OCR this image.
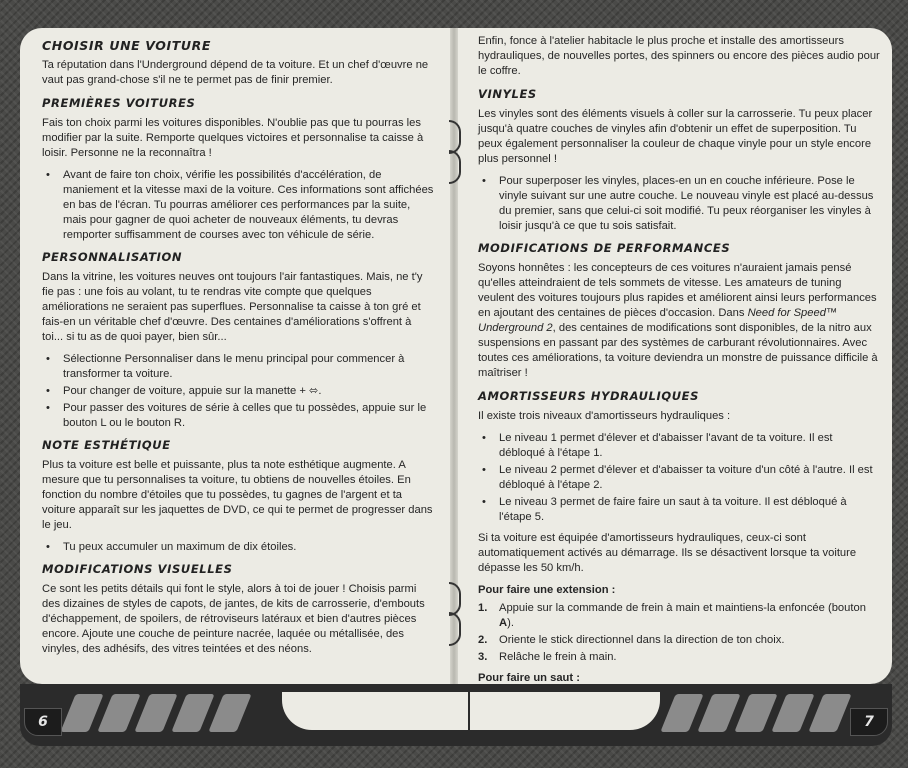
CHOISIR UNE VOITURE

Ta réputation dans l'Underground dépend de ta voiture. Et un chef d'œuvre ne vaut pas grand-chose s'il ne te permet pas de finir premier.

PREMIÈRES VOITURES

Fais ton choix parmi les voitures disponibles. N'oublie pas que tu pourras les modifier par la suite. Remporte quelques victoires et personnalise ta caisse à loisir. Personne ne la reconnaîtra !

• Avant de faire ton choix, vérifie les possibilités d'accélération, de maniement et la vitesse maxi de la voiture. Ces informations sont affichées en bas de l'écran. Tu pourras améliorer ces performances par la suite, mais pour gagner de quoi acheter de nouveaux éléments, tu devras remporter suffisamment de courses avec ton véhicule de série.
PERSONNALISATION

Dans la vitrine, les voitures neuves ont toujours l'air fantastiques. Mais, ne t'y fie pas : une fois au volant, tu te rendras vite compte que quelques améliorations ne seraient pas superflues. Personnalise ta caisse à ton gré et fais-en un véritable chef d'œuvre. Des centaines d'améliorations s'offrent à toi... si tu as de quoi payer, bien sûr...

• Sélectionne Personnaliser dans le menu principal pour commencer à transformer ta voiture.
• Pour changer de voiture, appuie sur la manette + ⬄.
• Pour passer des voitures de série à celles que tu possèdes, appuie sur le bouton L ou le bouton R.
NOTE ESTHÉTIQUE

Plus ta voiture est belle et puissante, plus ta note esthétique augmente. A mesure que tu personnalises ta voiture, tu obtiens de nouvelles étoiles. En fonction du nombre d'étoiles que tu possèdes, tu gagnes de l'argent et ta voiture apparaît sur les jaquettes de DVD, ce qui te permet de progresser dans le jeu.

• Tu peux accumuler un maximum de dix étoiles.
MODIFICATIONS VISUELLES

Ce sont les petits détails qui font le style, alors à toi de jouer ! Choisis parmi des dizaines de styles de capots, de jantes, de kits de carrosserie, d'embouts d'échappement, de spoilers, de rétroviseurs latéraux et bien d'autres pièces encore. Ajoute une couche de peinture nacrée, laquée ou métallisée, des vinyles, des adhésifs, des vitres teintées et des néons.

Enfin, fonce à l'atelier habitacle le plus proche et installe des amortisseurs hydrauliques, de nouvelles portes, des spinners ou encore des pièces audio pour le coffre.

VINYLES

Les vinyles sont des éléments visuels à coller sur la carrosserie. Tu peux placer jusqu'à quatre couches de vinyles afin d'obtenir un effet de superposition. Tu peux également personnaliser la couleur de chaque vinyle pour un style encore plus personnel !

• Pour superposer les vinyles, places-en un en couche inférieure. Pose le vinyle suivant sur une autre couche. Le nouveau vinyle est placé au-dessus du premier, sans que celui-ci soit modifié. Tu peux réorganiser les vinyles à loisir jusqu'à ce que tu sois satisfait.
MODIFICATIONS DE PERFORMANCES

Soyons honnêtes : les concepteurs de ces voitures n'auraient jamais pensé qu'elles atteindraient de tels sommets de vitesse. Les amateurs de tuning veulent des voitures toujours plus rapides et améliorent ainsi leurs performances en ajoutant des centaines de pièces d'occasion. Dans Need for Speed™ Underground 2, des centaines de modifications sont disponibles, de la nitro aux suspensions en passant par des systèmes de carburant révolutionnaires. Avec toutes ces améliorations, ta voiture deviendra un monstre de puissance difficile à maîtriser !

AMORTISSEURS HYDRAULIQUES

Il existe trois niveaux d'amortisseurs hydrauliques :

• Le niveau 1 permet d'élever et d'abaisser l'avant de ta voiture. Il est débloqué à l'étape 1.
• Le niveau 2 permet d'élever et d'abaisser ta voiture d'un côté à l'autre. Il est débloqué à l'étape 2.
• Le niveau 3 permet de faire faire un saut à ta voiture. Il est débloqué à l'étape 5.

Si ta voiture est équipée d'amortisseurs hydrauliques, ceux-ci sont automatiquement activés au démarrage. Ils se désactivent lorsque ta voiture dépasse les 50 km/h.

Pour faire une extension :
1. Appuie sur la commande de frein à main et maintiens-la enfoncée (bouton A).
2. Oriente le stick directionnel dans la direction de ton choix.
3. Relâche le frein à main.
Pour faire un saut :
6	7
